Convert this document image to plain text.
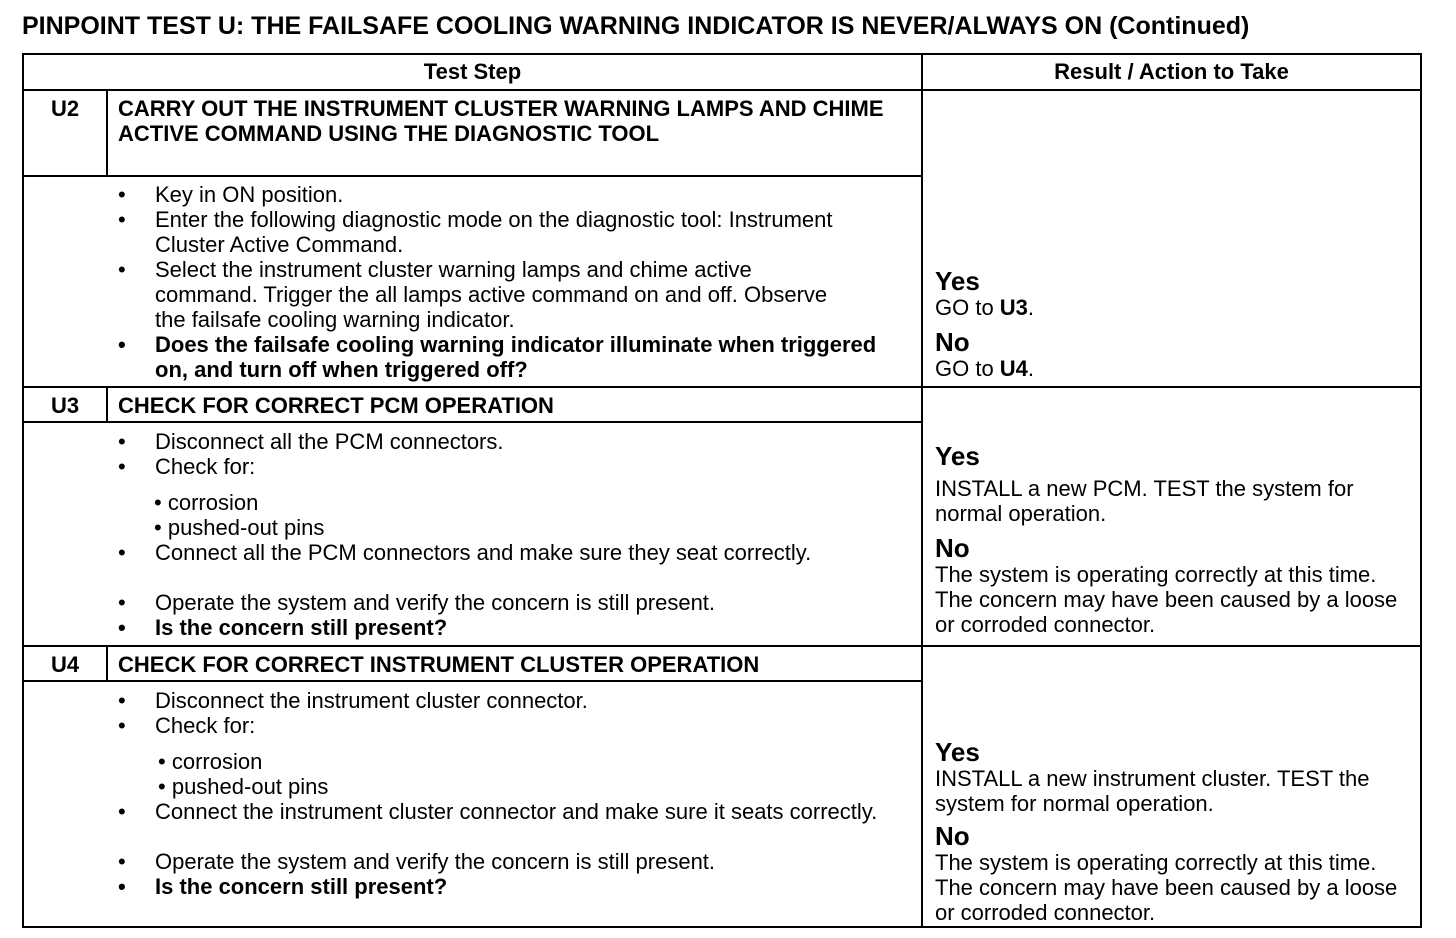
PINPOINT TEST U: THE FAILSAFE COOLING WARNING INDICATOR IS NEVER/ALWAYS ON (Continued)
Test Step	Result / Action to Take
U2	CARRY OUT THE INSTRUMENT CLUSTER WARNING LAMPS AND CHIME ACTIVE COMMAND USING THE DIAGNOSTIC TOOL
• Key in ON position.
• Enter the following diagnostic mode on the diagnostic tool: Instrument Cluster Active Command.
• Select the instrument cluster warning lamps and chime active command. Trigger the all lamps active command on and off. Observe the failsafe cooling warning indicator.
• Does the failsafe cooling warning indicator illuminate when triggered on, and turn off when triggered off?
Yes
GO to U3.
No
GO to U4.
U3	CHECK FOR CORRECT PCM OPERATION
• Disconnect all the PCM connectors.
• Check for:
• corrosion
• pushed-out pins
• Connect all the PCM connectors and make sure they seat correctly.
• Operate the system and verify the concern is still present.
• Is the concern still present?
Yes
INSTALL a new PCM. TEST the system for normal operation.
No
The system is operating correctly at this time. The concern may have been caused by a loose or corroded connector.
U4	CHECK FOR CORRECT INSTRUMENT CLUSTER OPERATION
• Disconnect the instrument cluster connector.
• Check for:
• corrosion
• pushed-out pins
• Connect the instrument cluster connector and make sure it seats correctly.
• Operate the system and verify the concern is still present.
• Is the concern still present?
Yes
INSTALL a new instrument cluster. TEST the system for normal operation.
No
The system is operating correctly at this time. The concern may have been caused by a loose or corroded connector.
